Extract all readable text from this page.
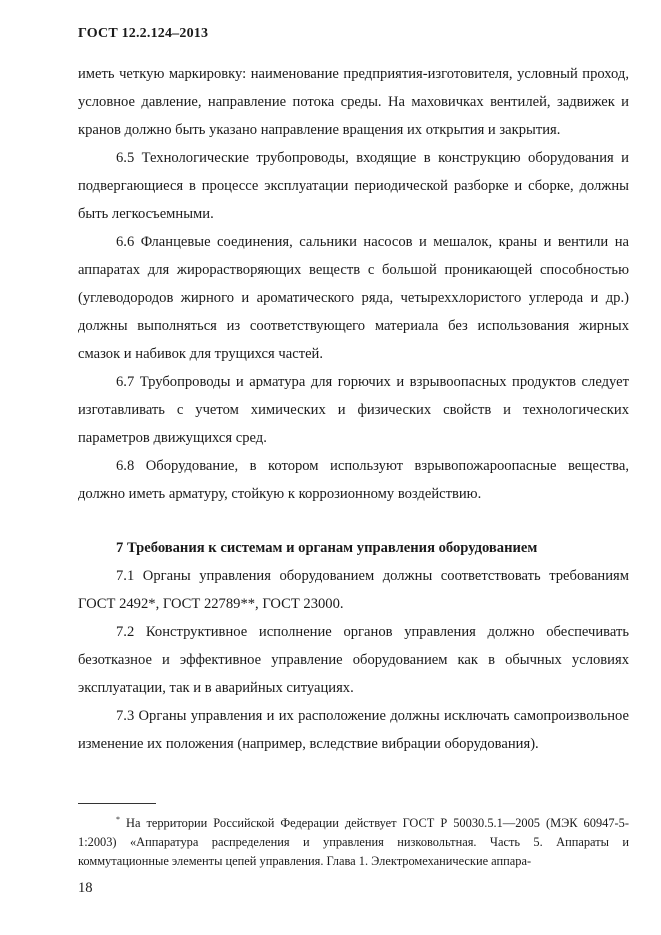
ГОСТ 12.2.124–2013

иметь четкую маркировку: наименование предприятия-изготовителя, условный проход, условное давление, направление потока среды. На маховичках вентилей, задвижек и кранов должно быть указано направление вращения их открытия и закрытия.

6.5 Технологические трубопроводы, входящие в конструкцию оборудования и подвергающиеся в процессе эксплуатации периодической разборке и сборке, должны быть легкосъемными.

6.6 Фланцевые соединения, сальники насосов и мешалок, краны и вентили на аппаратах для жирорастворяющих веществ с большой проникающей способностью (углеводородов жирного и ароматического ряда, четыреххлористого углерода и др.) должны выполняться из соответствующего материала без использования жирных смазок и набивок для трущихся частей.

6.7 Трубопроводы и арматура для горючих и взрывоопасных продуктов следует изготавливать с учетом химических и физических свойств и технологических параметров движущихся сред.

6.8 Оборудование, в котором используют взрывопожароопасные вещества, должно иметь арматуру, стойкую к коррозионному воздействию.

7 Требования к системам и органам управления оборудованием

7.1 Органы управления оборудованием должны соответствовать требованиям ГОСТ 2492*, ГОСТ 22789**, ГОСТ 23000.

7.2 Конструктивное исполнение органов управления должно обеспечивать безотказное и эффективное управление оборудованием как в обычных условиях эксплуатации, так и в аварийных ситуациях.

7.3 Органы управления и их расположение должны исключать самопроизвольное изменение их положения (например, вследствие вибрации оборудования).

* На территории Российской Федерации действует ГОСТ Р 50030.5.1—2005 (МЭК 60947-5-1:2003) «Аппаратура распределения и управления низковольтная. Часть 5. Аппараты и коммутационные элементы цепей управления. Глава 1. Электромеханические аппара-

18
